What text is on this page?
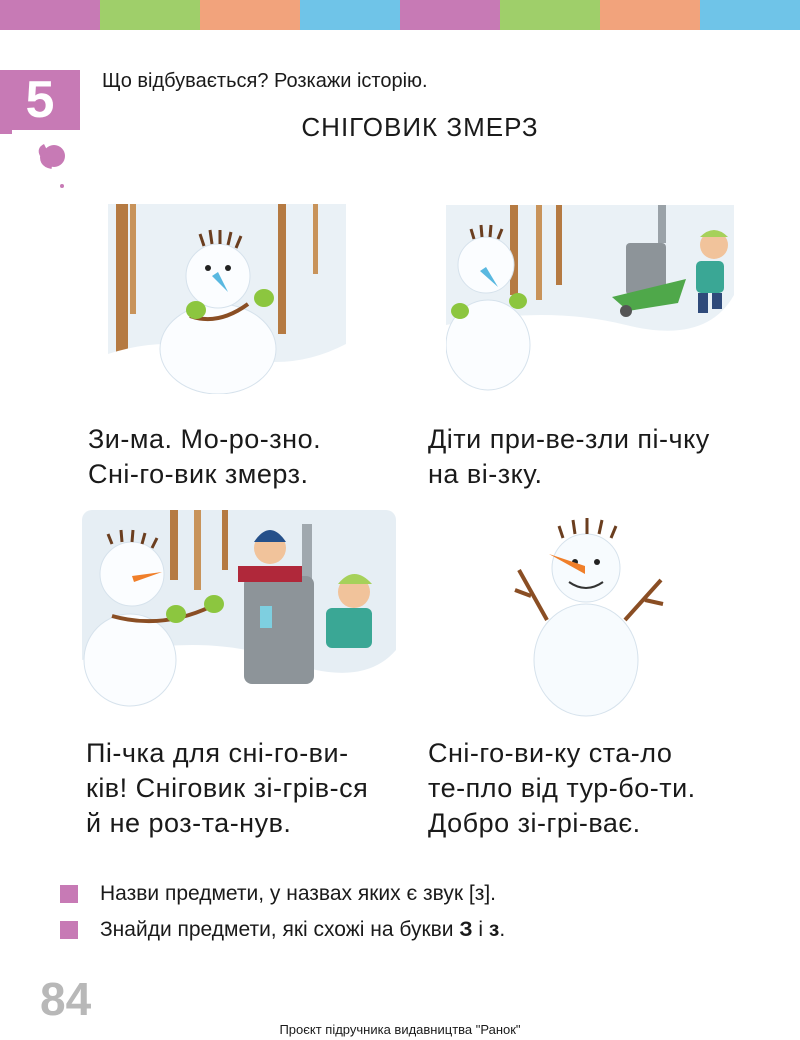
5	Що відбувається? Розкажи історію.
СНІГОВИК ЗМЕРЗ
Зи-ма. Мо-ро-зно.
Сні-го-вик змерз.
Діти при-ве-зли пі-чку
на ві-зку.
Пі-чка для сні-го-ви-
ків! Сніговик зі-грів-ся
й не роз-та-нув.
Сні-го-ви-ку ста-ло
те-пло від тур-бо-ти.
Добро зі-грі-ває.
Назви предмети, у назвах яких є звук [з].
Знайди предмети, які схожі на букви З і з.
84
Проєкт підручника видавництва "Ранок"
